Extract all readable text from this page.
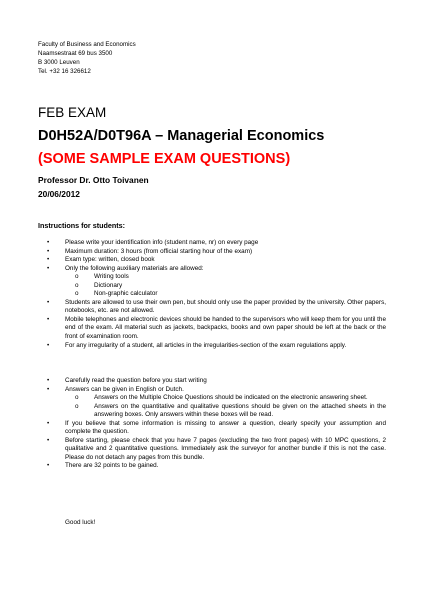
Faculty of Business and Economics
Naamsestraat 69 bus 3500
B 3000 Leuven
Tel. +32 16 326612
FEB EXAM
D0H52A/D0T96A – Managerial Economics
(SOME SAMPLE EXAM QUESTIONS)
Professor Dr. Otto Toivanen
20/06/2012
Instructions for students:
• Please write your identification info (student name, nr) on every page
• Maximum duration: 3 hours (from official starting hour of the exam)
• Exam type: written, closed book
• Only the following auxiliary materials are allowed:
o Writing tools
o Dictionary
o Non-graphic calculator
• Students are allowed to use their own pen, but should only use the paper provided by the university. Other papers, notebooks, etc. are not allowed.
• Mobile telephones and electronic devices should be handed to the supervisors who will keep them for you until the end of the exam. All material such as jackets, backpacks, books and own paper should be left at the back or the front of examination room.
• For any irregularity of a student, all articles in the irregularities-section of the exam regulations apply.
• Carefully read the question before you start writing
• Answers can be given in English or Dutch.
o Answers on the Multiple Choice Questions should be indicated on the electronic answering sheet.
o Answers on the quantitative and qualitative questions should be given on the attached sheets in the answering boxes. Only answers within these boxes will be read.
• If you believe that some information is missing to answer a question, clearly specify your assumption and complete the question.
• Before starting, please check that you have 7 pages (excluding the two front pages) with 10 MPC questions, 2 qualitative and 2 quantitative questions. Immediately ask the surveyor for another bundle if this is not the case. Please do not detach any pages from this bundle.
• There are 32 points to be gained.
Good luck!
